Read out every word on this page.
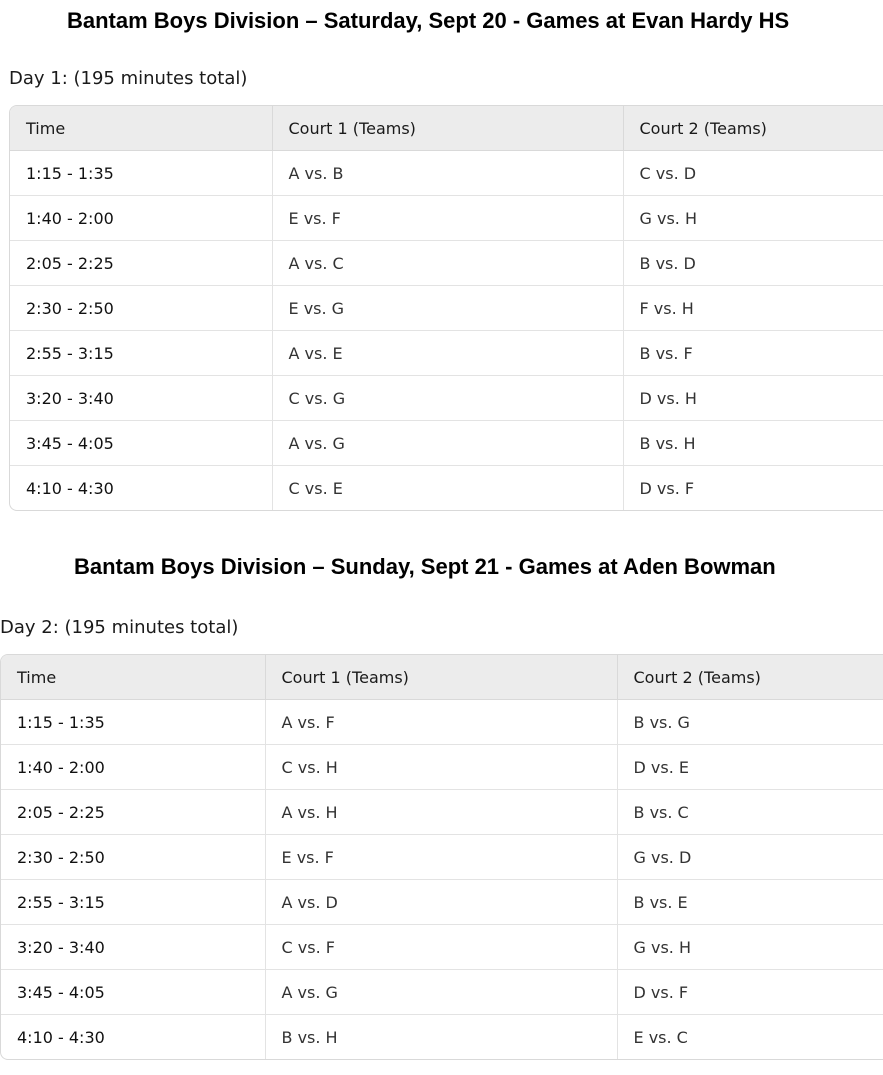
Bantam Boys Division – Saturday, Sept 20 - Games at Evan Hardy HS

Day 1: (195 minutes total)

Time	Court 1 (Teams)	Court 2 (Teams)
1:15 - 1:35	A vs. B	C vs. D
1:40 - 2:00	E vs. F	G vs. H
2:05 - 2:25	A vs. C	B vs. D
2:30 - 2:50	E vs. G	F vs. H
2:55 - 3:15	A vs. E	B vs. F
3:20 - 3:40	C vs. G	D vs. H
3:45 - 4:05	A vs. G	B vs. H
4:10 - 4:30	C vs. E	D vs. F
Bantam Boys Division – Sunday, Sept 21 - Games at Aden Bowman

Day 2: (195 minutes total)

Time	Court 1 (Teams)	Court 2 (Teams)
1:15 - 1:35	A vs. F	B vs. G
1:40 - 2:00	C vs. H	D vs. E
2:05 - 2:25	A vs. H	B vs. C
2:30 - 2:50	E vs. F	G vs. D
2:55 - 3:15	A vs. D	B vs. E
3:20 - 3:40	C vs. F	G vs. H
3:45 - 4:05	A vs. G	D vs. F
4:10 - 4:30	B vs. H	E vs. C
